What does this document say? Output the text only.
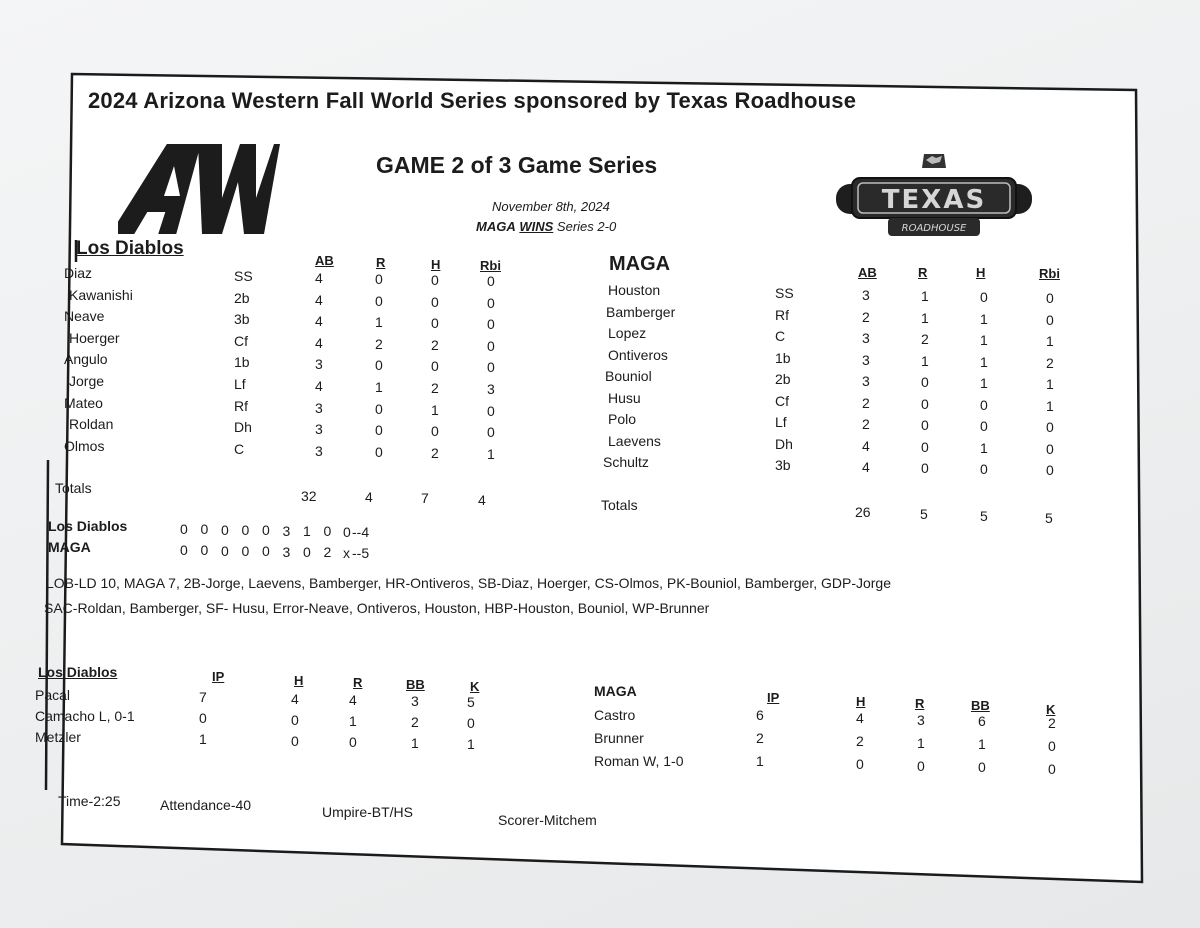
2024 Arizona Western Fall World Series sponsored by Texas Roadhouse
GAME 2 of 3 Game Series
November 8th, 2024
MAGA WINS Series 2-0
TEXAS
ROADHOUSE
Los Diablos
AB	R	H	Rbi
Diaz	SS	4	0	0	0
Kawanishi	2b	4	0	0	0
Neave	3b	4	1	0	0
Hoerger	Cf	4	2	2	0
Angulo	1b	3	0	0	0
Jorge	Lf	4	1	2	3
Mateo	Rf	3	0	1	0
Roldan	Dh	3	0	0	0
Olmos	C	3	0	2	1
Totals	32	4	7	4
MAGA	AB	R	H	Rbi
Houston	SS	3	1	0	0
Bamberger	Rf	2	1	1	0
Lopez	C	3	2	1	1
Ontiveros	1b	3	1	1	2
Bouniol	2b	3	0	1	1
Husu	Cf	2	0	0	1
Polo	Lf	2	0	0	0
Laevens	Dh	4	0	1	0
Schultz	3b	4	0	0	0
Totals	26	5	5	5
Los Diablos	0 0 0 0 0 3 1 0 0 --4
MAGA	0 0 0 0 0 3 0 2 x --5
LOB-LD 10, MAGA 7, 2B-Jorge, Laevens, Bamberger, HR-Ontiveros, SB-Diaz, Hoerger, CS-Olmos, PK-Bouniol, Bamberger, GDP-Jorge
SAC-Roldan, Bamberger, SF- Husu, Error-Neave, Ontiveros, Houston, HBP-Houston, Bouniol, WP-Brunner
Los Diablos	IP	H	R	BB	K
Pacal	7	4	4	3	5
Camacho L, 0-1	0	0	1	2	0
Metzler	1	0	0	1	1
MAGA	IP	H	R	BB	K
Castro	6	4	3	6	2
Brunner	2	2	1	1	0
Roman W, 1-0	1	0	0	0	0
Time-2:25	Attendance-40	Umpire-BT/HS	Scorer-Mitchem
